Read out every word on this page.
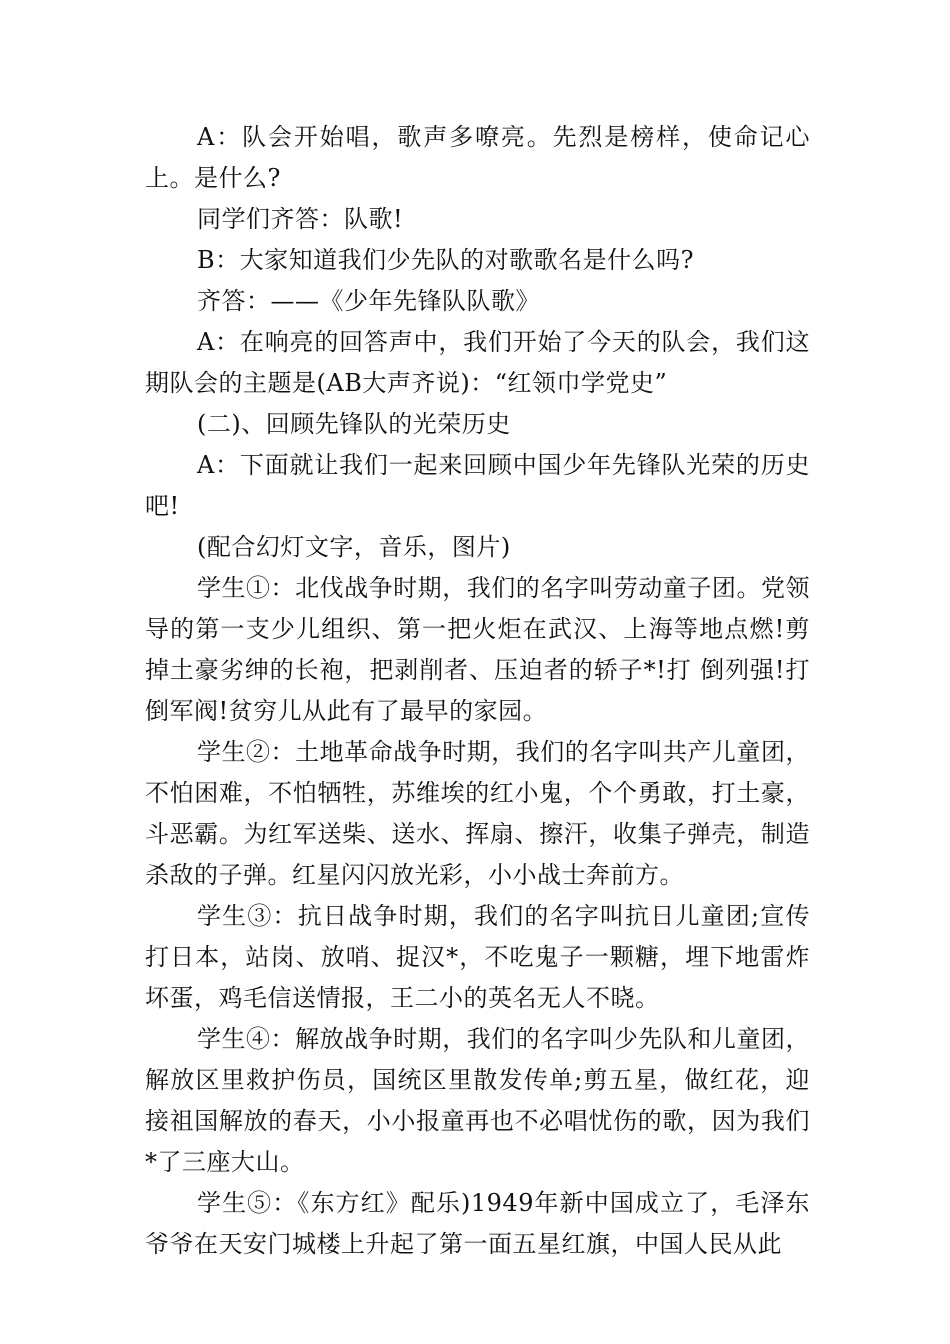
A：队会开始唱，歌声多嘹亮。先烈是榜样，使命记心上。是什么?

同学们齐答：队歌!

B：大家知道我们少先队的对歌歌名是什么吗?

齐答：——《少年先锋队队歌》

A：在响亮的回答声中，我们开始了今天的队会，我们这期队会的主题是(AB大声齐说)：“红领巾学党史”

(二)、回顾先锋队的光荣历史

A：下面就让我们一起来回顾中国少年先锋队光荣的历史吧!

(配合幻灯文字，音乐，图片)

学生①：北伐战争时期，我们的名字叫劳动童子团。党领导的第一支少儿组织、第一把火炬在武汉、上海等地点燃!剪掉土豪劣绅的长袍，把剥削者、压迫者的轿子*!打 倒列强!打 倒军阀!贫穷儿从此有了最早的家园。

学生②：土地革命战争时期，我们的名字叫共产儿童团，不怕困难，不怕牺牲，苏维埃的红小鬼，个个勇敢，打土豪，斗恶霸。为红军送柴、送水、挥扇、擦汗，收集子弹壳，制造杀敌的子弹。红星闪闪放光彩，小小战士奔前方。

学生③：抗日战争时期，我们的名字叫抗日儿童团;宣传打日本，站岗、放哨、捉汉*，不吃鬼子一颗糖，埋下地雷炸坏蛋，鸡毛信送情报，王二小的英名无人不晓。

学生④：解放战争时期，我们的名字叫少先队和儿童团，解放区里救护伤员，国统区里散发传单;剪五星，做红花，迎接祖国解放的春天，小小报童再也不必唱忧伤的歌，因为我们*了三座大山。

学生⑤：《东方红》配乐)1949年新中国成立了，毛泽东爷爷在天安门城楼上升起了第一面五星红旗，中国人民从此
